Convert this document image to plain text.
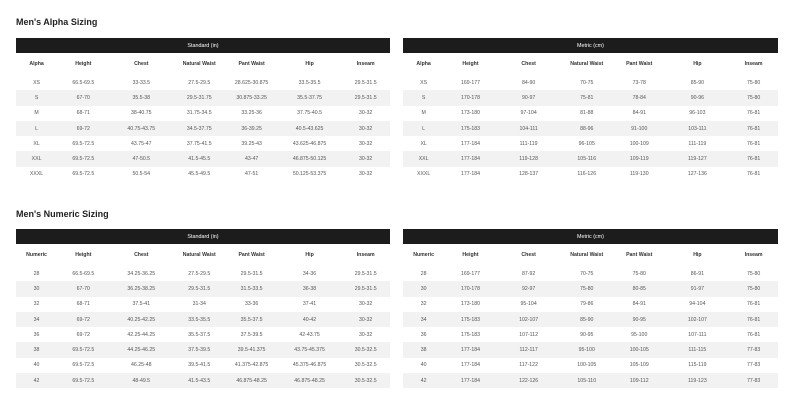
Men's Alpha Sizing
Men's Numeric Sizing
Standard (in)						
Alpha	Height	Chest	Natural Waist	Pant Waist	Hip	Inseam
XS	66.5-69.5	33-33.5	27.5-29.5	28.625-30.875	33.5-35.5	29.5-31.5
S	67-70	35.5-38	29.5-31.75	30.875-33.25	35.5-37.75	29.5-31.5
M	68-71	38-40.75	31.75-34.5	33.25-36	37.75-40.5	30-32
L	69-72	40.75-43.75	34.5-37.75	36-39.25	40.5-43.625	30-32
XL	69.5-72.5	43.75-47	37.75-41.5	39.25-43	43.625-46.875	30-32
XXL	69.5-72.5	47-50.5	41.5-45.5	43-47	46.875-50.125	30-32
XXXL	69.5-72.5	50.5-54	45.5-49.5	47-51	50.125-53.375	30-32
Metric (cm)						
Alpha	Height	Chest	Natural Waist	Pant Waist	Hip	Inseam
XS	169-177	84-90	70-75	73-78	85-90	75-80
S	170-178	90-97	75-81	78-84	90-96	75-80
M	173-180	97-104	81-88	84-91	96-103	76-81
L	175-183	104-111	88-96	91-100	103-111	76-81
XL	177-184	111-119	96-105	100-109	111-119	76-81
XXL	177-184	119-128	105-116	109-119	119-127	76-81
XXXL	177-184	128-137	116-126	119-130	127-136	76-81
Standard (in)						
Numeric	Height	Chest	Natural Waist	Pant Waist	Hip	Inseam
28	66.5-69.5	34.25-36.25	27.5-29.5	29.5-31.5	34-36	29.5-31.5
30	67-70	36.25-38.25	29.5-31.5	31.5-33.5	36-38	29.5-31.5
32	68-71	37.5-41	31-34	33-36	37-41	30-32
34	69-72	40.25-42.25	33.5-35.5	35.5-37.5	40-42	30-32
36	69-72	42.25-44.25	35.5-37.5	37.5-39.5	42-43.75	30-32
38	69.5-72.5	44.25-46.25	37.5-39.5	39.5-41.375	43.75-45.375	30.5-32.5
40	69.5-72.5	46.25-48	39.5-41.5	41.375-42.875	45.375-46.875	30.5-32.5
42	69.5-72.5	48-49.5	41.5-43.5	46.875-48.25	46.875-48.25	30.5-32.5
Metric (cm)						
Numeric	Height	Chest	Natural Waist	Pant Waist	Hip	Inseam
28	169-177	87-92	70-75	75-80	86-91	75-80
30	170-178	92-97	75-80	80-85	91-97	75-80
32	173-180	95-104	79-86	84-91	94-104	76-81
34	175-183	102-107	85-90	90-95	102-107	76-81
36	175-183	107-112	90-95	95-100	107-111	76-81
38	177-184	112-117	95-100	100-105	111-115	77-83
40	177-184	117-122	100-105	105-109	115-119	77-83
42	177-184	122-126	105-110	109-112	119-123	77-83
